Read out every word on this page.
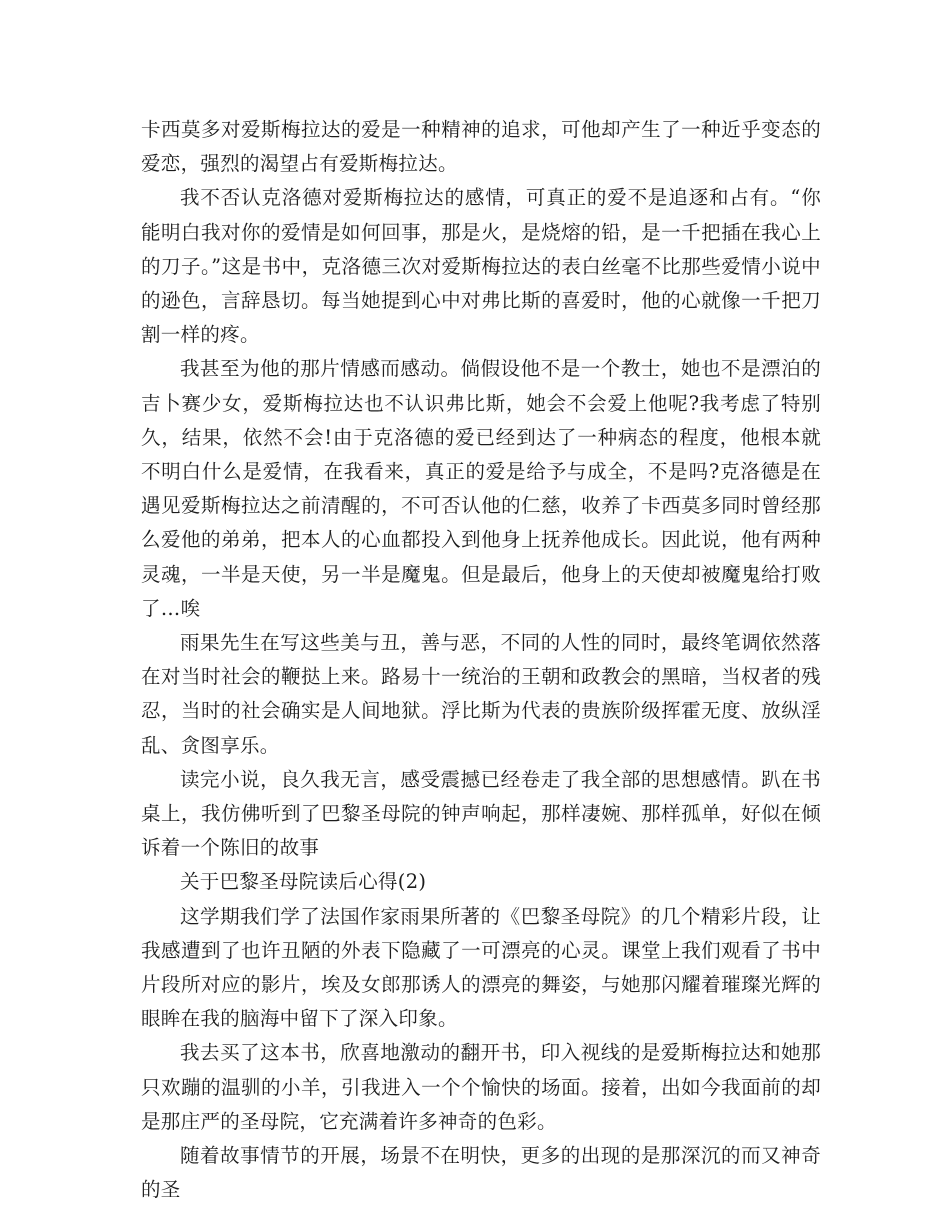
卡西莫多对爱斯梅拉达的爱是一种精神的追求，可他却产生了一种近乎变态的爱恋，强烈的渴望占有爱斯梅拉达。

我不否认克洛德对爱斯梅拉达的感情，可真正的爱不是追逐和占有。“你能明白我对你的爱情是如何回事，那是火，是烧熔的铅，是一千把插在我心上的刀子。”这是书中，克洛德三次对爱斯梅拉达的表白丝毫不比那些爱情小说中的逊色，言辞恳切。每当她提到心中对弗比斯的喜爱时，他的心就像一千把刀割一样的疼。

我甚至为他的那片情感而感动。倘假设他不是一个教士，她也不是漂泊的吉卜赛少女，爱斯梅拉达也不认识弗比斯，她会不会爱上他呢?我考虑了特别久，结果，依然不会!由于克洛德的爱已经到达了一种病态的程度，他根本就不明白什么是爱情，在我看来，真正的爱是给予与成全，不是吗?克洛德是在遇见爱斯梅拉达之前清醒的，不可否认他的仁慈，收养了卡西莫多同时曾经那么爱他的弟弟，把本人的心血都投入到他身上抚养他成长。因此说，他有两种灵魂，一半是天使，另一半是魔鬼。但是最后，他身上的天使却被魔鬼给打败了…唉

雨果先生在写这些美与丑，善与恶，不同的人性的同时，最终笔调依然落在对当时社会的鞭挞上来。路易十一统治的王朝和政教会的黑暗，当权者的残忍，当时的社会确实是人间地狱。浮比斯为代表的贵族阶级挥霍无度、放纵淫乱、贪图享乐。

读完小说，良久我无言，感受震撼已经卷走了我全部的思想感情。趴在书桌上，我仿佛听到了巴黎圣母院的钟声响起，那样凄婉、那样孤单，好似在倾诉着一个陈旧的故事

关于巴黎圣母院读后心得(2)

这学期我们学了法国作家雨果所著的《巴黎圣母院》的几个精彩片段，让我感遭到了也许丑陋的外表下隐藏了一可漂亮的心灵。课堂上我们观看了书中片段所对应的影片，埃及女郎那诱人的漂亮的舞姿，与她那闪耀着璀璨光辉的眼眸在我的脑海中留下了深入印象。

我去买了这本书，欣喜地激动的翻开书，印入视线的是爱斯梅拉达和她那只欢蹦的温驯的小羊，引我进入一个个愉快的场面。接着，出如今我面前的却是那庄严的圣母院，它充满着许多神奇的色彩。

随着故事情节的开展，场景不在明快，更多的出现的是那深沉的而又神奇的圣
